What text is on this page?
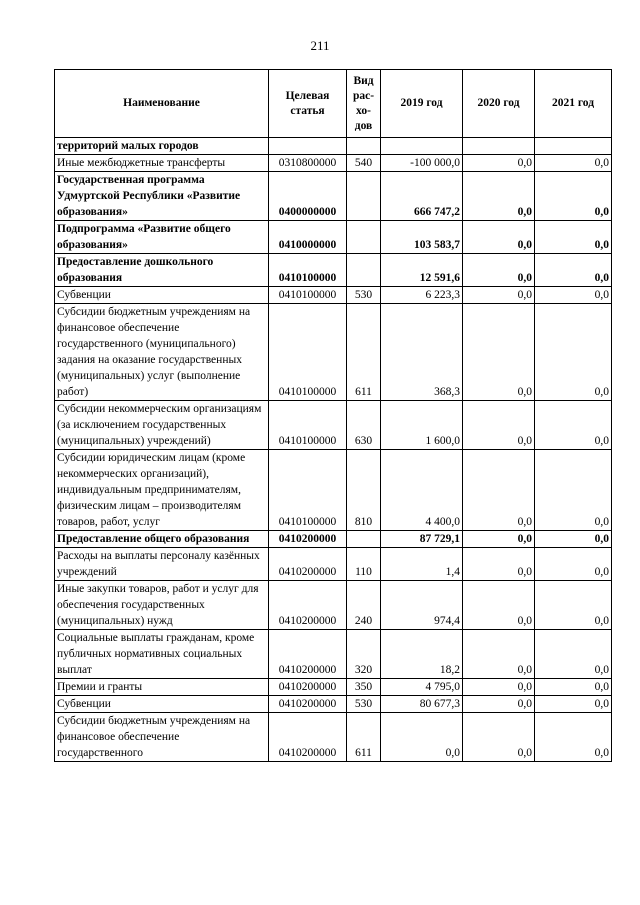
211
Наименование	Целевая статья	Вид рас-хо-дов	2019 год	2020 год	2021 год
территорий малых городов					
Иные межбюджетные трансферты	0310800000	540	-100 000,0	0,0	0,0
Государственная программа Удмуртской Республики «Развитие образования»	0400000000		666 747,2	0,0	0,0
Подпрограмма «Развитие общего образования»	0410000000		103 583,7	0,0	0,0
Предоставление дошкольного образования	0410100000		12 591,6	0,0	0,0
Субвенции	0410100000	530	6 223,3	0,0	0,0
Субсидии бюджетным учреждениям на финансовое обеспечение государственного (муниципального) задания на оказание государственных (муниципальных) услуг (выполнение работ)	0410100000	611	368,3	0,0	0,0
Субсидии некоммерческим организациям (за исключением государственных (муниципальных) учреждений)	0410100000	630	1 600,0	0,0	0,0
Субсидии юридическим лицам (кроме некоммерческих организаций), индивидуальным предпринимателям, физическим лицам – производителям товаров, работ, услуг	0410100000	810	4 400,0	0,0	0,0
Предоставление общего образования	0410200000		87 729,1	0,0	0,0
Расходы на выплаты персоналу казённых учреждений	0410200000	110	1,4	0,0	0,0
Иные закупки товаров, работ и услуг для обеспечения государственных (муниципальных) нужд	0410200000	240	974,4	0,0	0,0
Социальные выплаты гражданам, кроме публичных нормативных социальных выплат	0410200000	320	18,2	0,0	0,0
Премии и гранты	0410200000	350	4 795,0	0,0	0,0
Субвенции	0410200000	530	80 677,3	0,0	0,0
Субсидии бюджетным учреждениям на финансовое обеспечение государственного	0410200000	611	0,0	0,0	0,0
